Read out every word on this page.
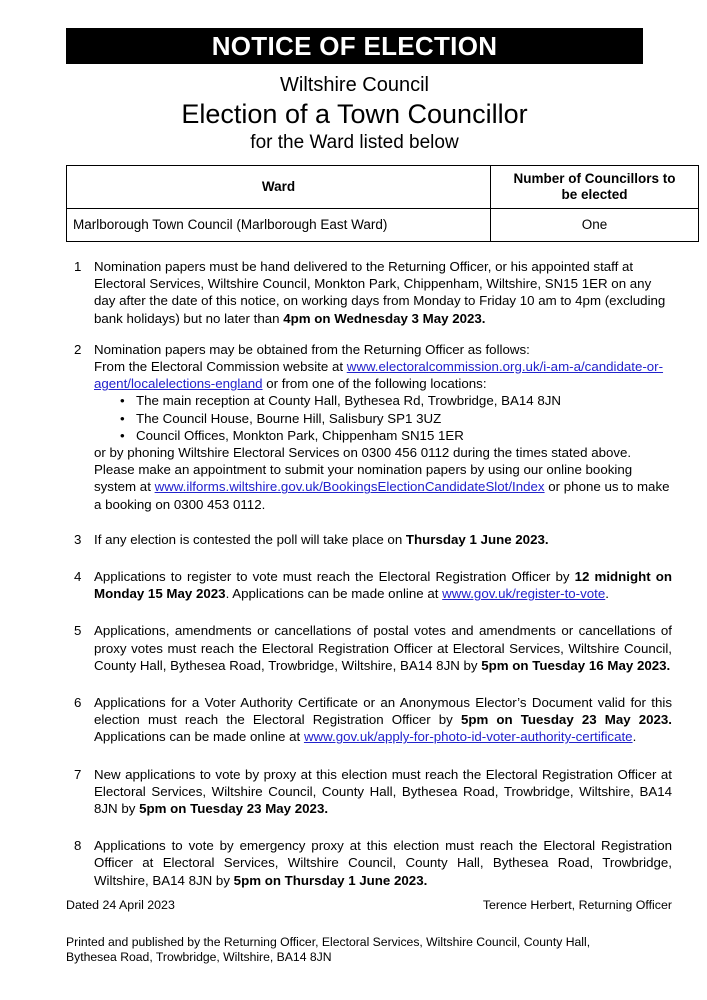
NOTICE OF ELECTION
Wiltshire Council
Election of a Town Councillor
for the Ward listed below
Ward	Number of Councillors to
be elected
Marlborough Town Council (Marlborough East Ward)	One
1 Nomination papers must be hand delivered to the Returning Officer, or his appointed staff at Electoral Services, Wiltshire Council, Monkton Park, Chippenham, Wiltshire, SN15 1ER on any day after the date of this notice, on working days from Monday to Friday 10 am to 4pm (excluding bank holidays) but no later than 4pm on Wednesday 3 May 2023.

2 Nomination papers may be obtained from the Returning Officer as follows:

From the Electoral Commission website at www.electoralcommission.org.uk/i-am-a/candidate-or-agent/localelections-england or from one of the following locations:

• The main reception at County Hall, Bythesea Rd, Trowbridge, BA14 8JN
• The Council House, Bourne Hill, Salisbury SP1 3UZ
• Council Offices, Monkton Park, Chippenham SN15 1ER

or by phoning Wiltshire Electoral Services on 0300 456 0112 during the times stated above. Please make an appointment to submit your nomination papers by using our online booking system at www.ilforms.wiltshire.gov.uk/BookingsElectionCandidateSlot/Index or phone us to make a booking on 0300 453 0112.

3 If any election is contested the poll will take place on Thursday 1 June 2023.

4 Applications to register to vote must reach the Electoral Registration Officer by 12 midnight on Monday 15 May 2023. Applications can be made online at www.gov.uk/register-to-vote.

5 Applications, amendments or cancellations of postal votes and amendments or cancellations of proxy votes must reach the Electoral Registration Officer at Electoral Services, Wiltshire Council, County Hall, Bythesea Road, Trowbridge, Wiltshire, BA14 8JN by 5pm on Tuesday 16 May 2023.

6 Applications for a Voter Authority Certificate or an Anonymous Elector’s Document valid for this election must reach the Electoral Registration Officer by 5pm on Tuesday 23 May 2023. Applications can be made online at www.gov.uk/apply-for-photo-id-voter-authority-certificate.

7 New applications to vote by proxy at this election must reach the Electoral Registration Officer at Electoral Services, Wiltshire Council, County Hall, Bythesea Road, Trowbridge, Wiltshire, BA14 8JN by 5pm on Tuesday 23 May 2023.

8 Applications to vote by emergency proxy at this election must reach the Electoral Registration Officer at Electoral Services, Wiltshire Council, County Hall, Bythesea Road, Trowbridge, Wiltshire, BA14 8JN by 5pm on Thursday 1 June 2023.

Dated 24 April 2023	Terence Herbert, Returning Officer
Printed and published by the Returning Officer, Electoral Services, Wiltshire Council, County Hall, Bythesea Road, Trowbridge, Wiltshire, BA14 8JN
